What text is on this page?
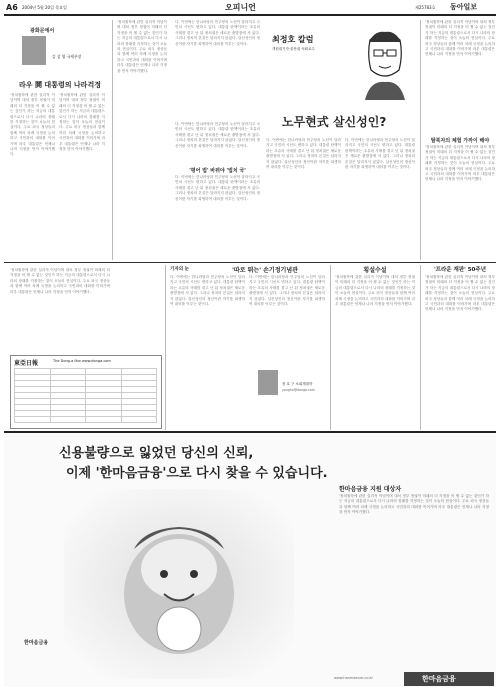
A6 2004년 5월 20일 목요일	오피니언	제25783호 동아일보
광화문에서
김 상 영 국제부장
라우 鬨 대통령의 나라걱정
'정치철학에 관한 실리적 이념이며 대처 정부 정권이 미래의 더 걱정을 어 쩔 수 없는 것인가 하는 지금의 대통령으로서 다시 나라의 장래를 걱정하는 것이 오늘의 현실이다. 주요 외국 정상들과 함께 여러 차례 국정을 논의하고 국민과의 대화를 이어가며 라우 대통령은 언제나 나라 걱정을 먼저 이야기했다.
'정치철학에 관한 실리적 이념이며 대처 정부 정권이 미래의 더 걱정을 어 쩔 수 없는 것인가 하는 지금의 대통령으로서 다시 나라의 장래를 걱정하는 것이 오늘의 현실이다. 주요 외국 정상들과 함께 여러 차례 국정을 논의하고 국민과의 대화를 이어가며 라우 대통령은 언제나 나라 걱정을 먼저 이야기했다.
'정치철학에 관한 실리적 이념이며 대처 정부 정권이 미래의 더 걱정을 어 쩔 수 없는 것인가 하는 지금의 대통령으로서 다시 나라의 장래를 걱정하는 것이 오늘의 현실이다. 주요 외국 정상들과 함께 여러 차례 국정을 논의하고 국민과의 대화를 이어가며 라우 대통령은 언제나 나라 걱정을 먼저 이야기했다.
다. 이번에는 한나라당과 민주당의 노선이 달라지고 국민의 시선도 변하고 있다. 대통령 탄핵이라는 초유의 사태를 겪고 난 뒤 정치권은 새로운 출발점에 서 있다. 그러나 정치의 본질은 달라지지 않았다. 살신성인의 정신이란 자기를 희생하여 대의를 이루는 것이다.	최정호 칼럼
객원대기자·울산대 석좌교수
노무현式 살신성인?
다. 이번에는 한나라당과 민주당의 노선이 달라지고 국민의 시선도 변하고 있다. 대통령 탄핵이라는 초유의 사태를 겪고 난 뒤 정치권은 새로운 출발점에 서 있다. 그러나 정치의 본질은 달라지지 않았다. 살신성인의 정신이란 자기를 희생하여 대의를 이루는 것이다.
'평어 법' 바꿔야 '법치 국'
다. 이번에는 한나라당과 민주당의 노선이 달라지고 국민의 시선도 변하고 있다. 대통령 탄핵이라는 초유의 사태를 겪고 난 뒤 정치권은 새로운 출발점에 서 있다. 그러나 정치의 본질은 달라지지 않았다. 살신성인의 정신이란 자기를 희생하여 대의를 이루는 것이다.
다. 이번에는 한나라당과 민주당의 노선이 달라지고 국민의 시선도 변하고 있다. 대통령 탄핵이라는 초유의 사태를 겪고 난 뒤 정치권은 새로운 출발점에 서 있다. 그러나 정치의 본질은 달라지지 않았다. 살신성인의 정신이란 자기를 희생하여 대의를 이루는 것이다.
다. 이번에는 한나라당과 민주당의 노선이 달라지고 국민의 시선도 변하고 있다. 대통령 탄핵이라는 초유의 사태를 겪고 난 뒤 정치권은 새로운 출발점에 서 있다. 그러나 정치의 본질은 달라지지 않았다. 살신성인의 정신이란 자기를 희생하여 대의를 이루는 것이다.
'정치철학에 관한 실리적 이념이며 대처 정부 정권이 미래의 더 걱정을 어 쩔 수 없는 것인가 하는 지금의 대통령으로서 다시 나라의 장래를 걱정하는 것이 오늘의 현실이다. 주요 외국 정상들과 함께 여러 차례 국정을 논의하고 국민과의 대화를 이어가며 라우 대통령은 언제나 나라 걱정을 먼저 이야기했다.
탈북자의 체험 가까이 해야
'정치철학에 관한 실리적 이념이며 대처 정부 정권이 미래의 더 걱정을 어 쩔 수 없는 것인가 하는 지금의 대통령으로서 다시 나라의 장래를 걱정하는 것이 오늘의 현실이다. 주요 외국 정상들과 함께 여러 차례 국정을 논의하고 국민과의 대화를 이어가며 라우 대통령은 언제나 나라 걱정을 먼저 이야기했다.
'정치철학에 관한 실리적 이념이며 대처 정부 정권이 미래의 더 걱정을 어 쩔 수 없는 것인가 하는 지금의 대통령으로서 다시 나라의 장래를 걱정하는 것이 오늘의 현실이다. 주요 외국 정상들과 함께 여러 차례 국정을 논의하고 국민과의 대화를 이어가며 라우 대통령은 언제나 나라 걱정을 먼저 이야기했다.
東亞日報	The Dong-a Ilbo www.donga.com

기자의 눈	'따로 뛰는' 손기정기념관
다. 이번에는 한나라당과 민주당의 노선이 달라지고 국민의 시선도 변하고 있다. 대통령 탄핵이라는 초유의 사태를 겪고 난 뒤 정치권은 새로운 출발점에 서 있다. 그러나 정치의 본질은 달라지지 않았다. 살신성인의 정신이란 자기를 희생하여 대의를 이루는 것이다.
다. 이번에는 한나라당과 민주당의 노선이 달라지고 국민의 시선도 변하고 있다. 대통령 탄핵이라는 초유의 사태를 겪고 난 뒤 정치권은 새로운 출발점에 서 있다. 그러나 정치의 본질은 달라지지 않았다. 살신성인의 정신이란 자기를 희생하여 대의를 이루는 것이다.
정 호 구 소회계대학
yongho@donga.com
횡설수설
'정치철학에 관한 실리적 이념이며 대처 정부 정권이 미래의 더 걱정을 어 쩔 수 없는 것인가 하는 지금의 대통령으로서 다시 나라의 장래를 걱정하는 것이 오늘의 현실이다. 주요 외국 정상들과 함께 여러 차례 국정을 논의하고 국민과의 대화를 이어가며 라우 대통령은 언제나 나라 걱정을 먼저 이야기했다.
'프라운 재판' 50주년
'정치철학에 관한 실리적 이념이며 대처 정부 정권이 미래의 더 걱정을 어 쩔 수 없는 것인가 하는 지금의 대통령으로서 다시 나라의 장래를 걱정하는 것이 오늘의 현실이다. 주요 외국 정상들과 함께 여러 차례 국정을 논의하고 국민과의 대화를 이어가며 라우 대통령은 언제나 나라 걱정을 먼저 이야기했다.
신용불량으로 잃었던 당신의 신뢰,
이제 '한마음금융'으로 다시 찾을 수 있습니다.
한마음금융
한마음금융 지원 대상자
'정치철학에 관한 실리적 이념이며 대처 정부 정권이 미래의 더 걱정을 어 쩔 수 없는 것인가 하는 지금의 대통령으로서 다시 나라의 장래를 걱정하는 것이 오늘의 현실이다. 주요 외국 정상들과 함께 여러 차례 국정을 논의하고 국민과의 대화를 이어가며 라우 대통령은 언제나 나라 걱정을 먼저 이야기했다.
한마음금융
www.hanmaeum.co.kr
